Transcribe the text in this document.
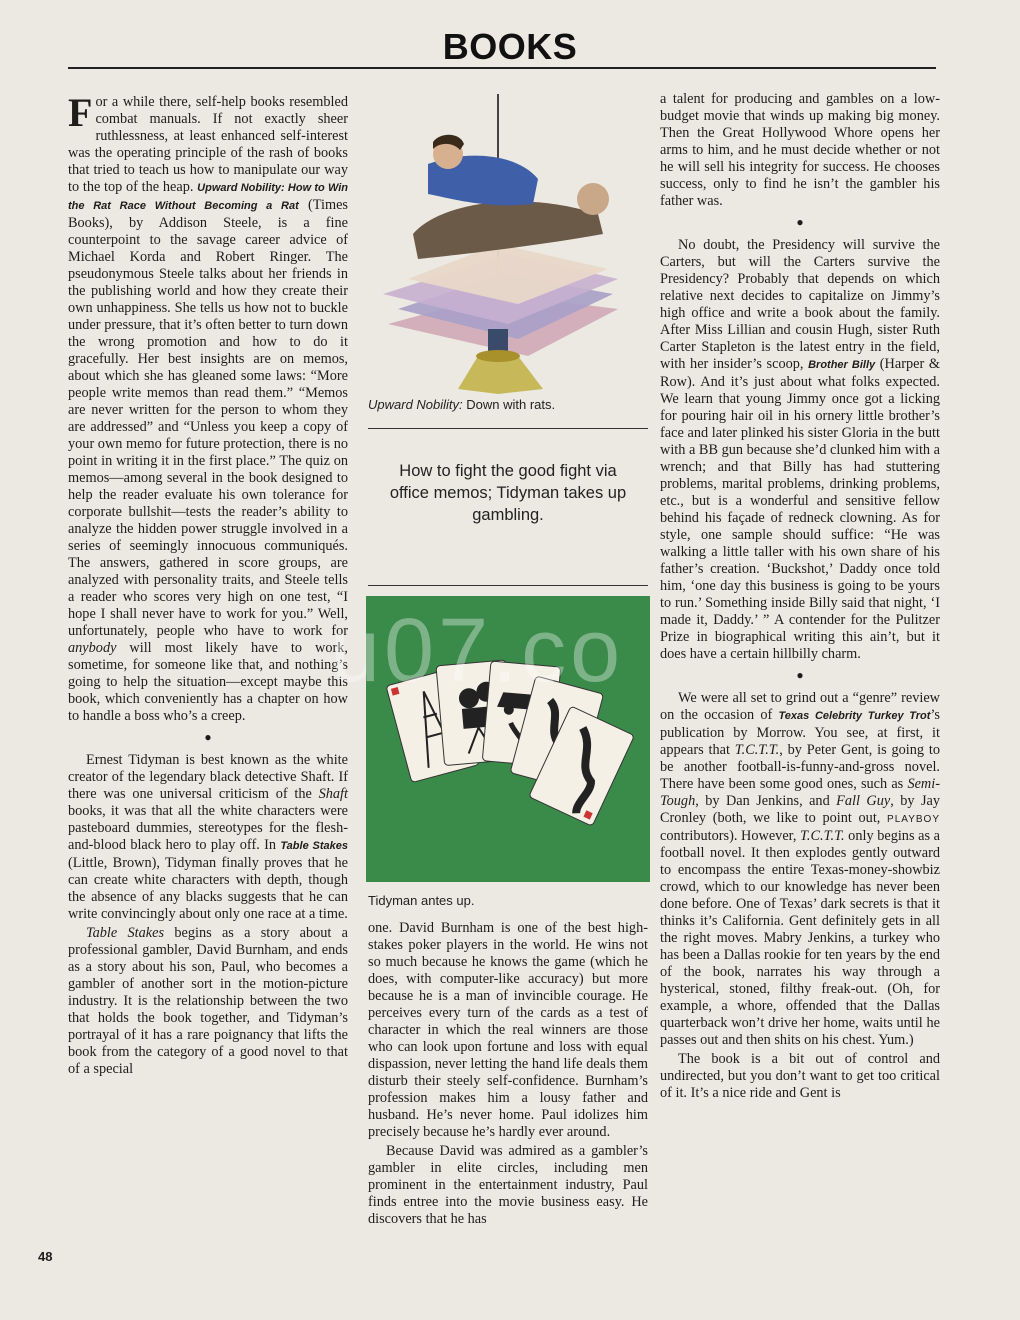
BOOKS

For a while there, self-help books resembled combat manuals. If not exactly sheer ruthlessness, at least enhanced self-interest was the operating principle of the rash of books that tried to teach us how to manipulate our way to the top of the heap. Upward Nobility: How to Win the Rat Race Without Becoming a Rat (Times Books), by Addison Steele, is a fine counterpoint to the savage career advice of Michael Korda and Robert Ringer. The pseudonymous Steele talks about her friends in the publishing world and how they create their own unhappiness. She tells us how not to buckle under pressure, that it’s often better to turn down the wrong promotion and how to do it gracefully. Her best insights are on memos, about which she has gleaned some laws: “More people write memos than read them.” “Memos are never written for the person to whom they are addressed” and “Unless you keep a copy of your own memo for future protection, there is no point in writing it in the first place.” The quiz on memos—among several in the book designed to help the reader evaluate his own tolerance for corporate bullshit—tests the reader’s ability to analyze the hidden power struggle involved in a series of seemingly innocuous communiqués. The answers, gathered in score groups, are analyzed with personality traits, and Steele tells a reader who scores very high on one test, “I hope I shall never have to work for you.” Well, unfortunately, people who have to work for anybody will most likely have to work, sometime, for someone like that, and nothing’s going to help the situation—except maybe this book, which conveniently has a chapter on how to handle a boss who’s a creep.

●

Ernest Tidyman is best known as the white creator of the legendary black detective Shaft. If there was one universal criticism of the Shaft books, it was that all the white characters were pasteboard dummies, stereotypes for the flesh-and-blood black hero to play off. In Table Stakes (Little, Brown), Tidyman finally proves that he can create white characters with depth, though the absence of any blacks suggests that he can write convincingly about only one race at a time.

Table Stakes begins as a story about a professional gambler, David Burnham, and ends as a story about his son, Paul, who becomes a gambler of another sort in the motion-picture industry. It is the relationship between the two that holds the book together, and Tidyman’s portrayal of it has a rare poignancy that lifts the book from the category of a good novel to that of a special

Upward Nobility: Down with rats.
How to fight the good fight via office memos; Tidyman takes up gambling.
Tidyman antes up.

one. David Burnham is one of the best high-stakes poker players in the world. He wins not so much because he knows the game (which he does, with computer-like accuracy) but more because he is a man of invincible courage. He perceives every turn of the cards as a test of character in which the real winners are those who can look upon fortune and loss with equal dispassion, never letting the hand life deals them disturb their steely self-confidence. Burnham’s profession makes him a lousy father and husband. He’s never home. Paul idolizes him precisely because he’s hardly ever around.

Because David was admired as a gambler’s gambler in elite circles, including men prominent in the entertainment industry, Paul finds entree into the movie business easy. He discovers that he has

a talent for producing and gambles on a low-budget movie that winds up making big money. Then the Great Hollywood Whore opens her arms to him, and he must decide whether or not he will sell his integrity for success. He chooses success, only to find he isn’t the gambler his father was.

●

No doubt, the Presidency will survive the Carters, but will the Carters survive the Presidency? Probably that depends on which relative next decides to capitalize on Jimmy’s high office and write a book about the family. After Miss Lillian and cousin Hugh, sister Ruth Carter Stapleton is the latest entry in the field, with her insider’s scoop, Brother Billy (Harper & Row). And it’s just about what folks expected. We learn that young Jimmy once got a licking for pouring hair oil in his ornery little brother’s face and later plinked his sister Gloria in the butt with a BB gun because she’d clunked him with a wrench; and that Billy has had stuttering problems, marital problems, drinking problems, etc., but is a wonderful and sensitive fellow behind his façade of redneck clowning. As for style, one sample should suffice: “He was walking a little taller with his own share of his father’s creation. ‘Buckshot,’ Daddy once told him, ‘one day this business is going to be yours to run.’ Something inside Billy said that night, ‘I made it, Daddy.’ ” A contender for the Pulitzer Prize in biographical writing this ain’t, but it does have a certain hillbilly charm.

●

We were all set to grind out a “genre” review on the occasion of Texas Celebrity Turkey Trot’s publication by Morrow. You see, at first, it appears that T.C.T.T., by Peter Gent, is going to be another football-is-funny-and-gross novel. There have been some good ones, such as Semi-Tough, by Dan Jenkins, and Fall Guy, by Jay Cronley (both, we like to point out, PLAYBOY contributors). However, T.C.T.T. only begins as a football novel. It then explodes gently outward to encompass the entire Texas-money-showbiz crowd, which to our knowledge has never been done before. One of Texas’ dark secrets is that it thinks it’s California. Gent definitely gets in all the right moves. Mabry Jenkins, a turkey who has been a Dallas rookie for ten years by the end of the book, narrates his way through a hysterical, stoned, filthy freak-out. (Oh, for example, a whore, offended that the Dallas quarterback won’t drive her home, waits until he passes out and then shits on his chest. Yum.)

The book is a bit out of control and undirected, but you don’t want to get too critical of it. It’s a nice ride and Gent is

u07.co
48
